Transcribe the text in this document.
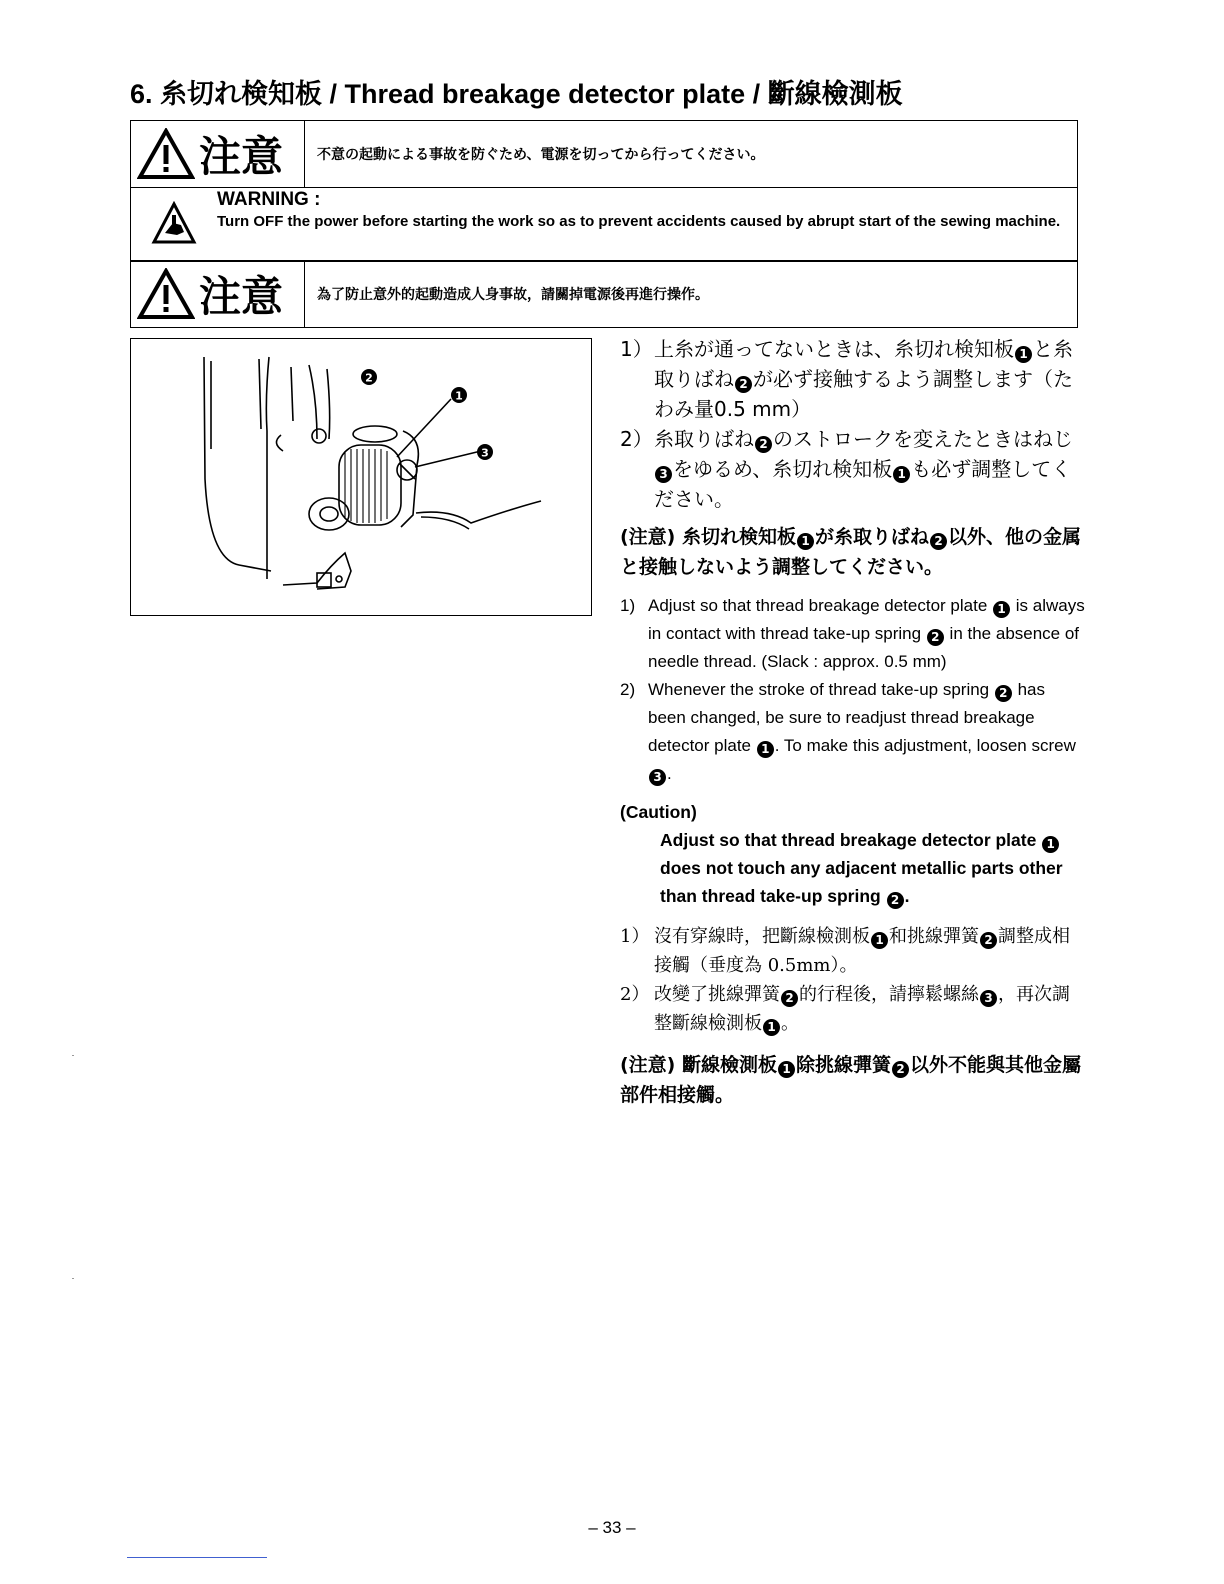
6. 糸切れ検知板 / Thread breakage detector plate / 斷線檢測板
注意	不意の起動による事故を防ぐため、電源を切ってから行ってください。
WARNING :
Turn OFF the power before starting the work so as to prevent accidents caused by abrupt start of the sewing machine.
注意	為了防止意外的起動造成人身事故，請關掉電源後再進行操作。
2
1
3
1） 上糸が通ってないときは、糸切れ検知板 1 と糸取りばね 2 が必ず接触するよう調整します（たわみ量0.5 mm）
2） 糸取りばね 2 のストロークを変えたときはねじ3 をゆるめ、糸切れ検知板 1 も必ず調整してください。
(注意) 糸切れ検知板 1 が糸取りばね 2 以外、他の金属と接触しないよう調整してください。
1) Adjust so that thread breakage detector plate 1 is always in contact with thread take-up spring 2 in the absence of needle thread. (Slack : approx. 0.5 mm)
2) Whenever the stroke of thread take-up spring 2 has been changed, be sure to readjust thread breakage detector plate 1 . To make this adjustment, loosen screw 3 .
(Caution)
Adjust so that thread breakage detector plate 1 does not touch any adjacent metallic parts other than thread take-up spring 2 .
1） 沒有穿線時，把斷線檢測板 1 和挑線彈簧 2 調整成相接觸（垂度為 0.5mm）。
2） 改變了挑線彈簧 2 的行程後，請擰鬆螺絲 3 ，再次調整斷線檢測板 1 。
(注意) 斷線檢測板 1 除挑線彈簧 2 以外不能與其他金屬部件相接觸。
– 33 –
